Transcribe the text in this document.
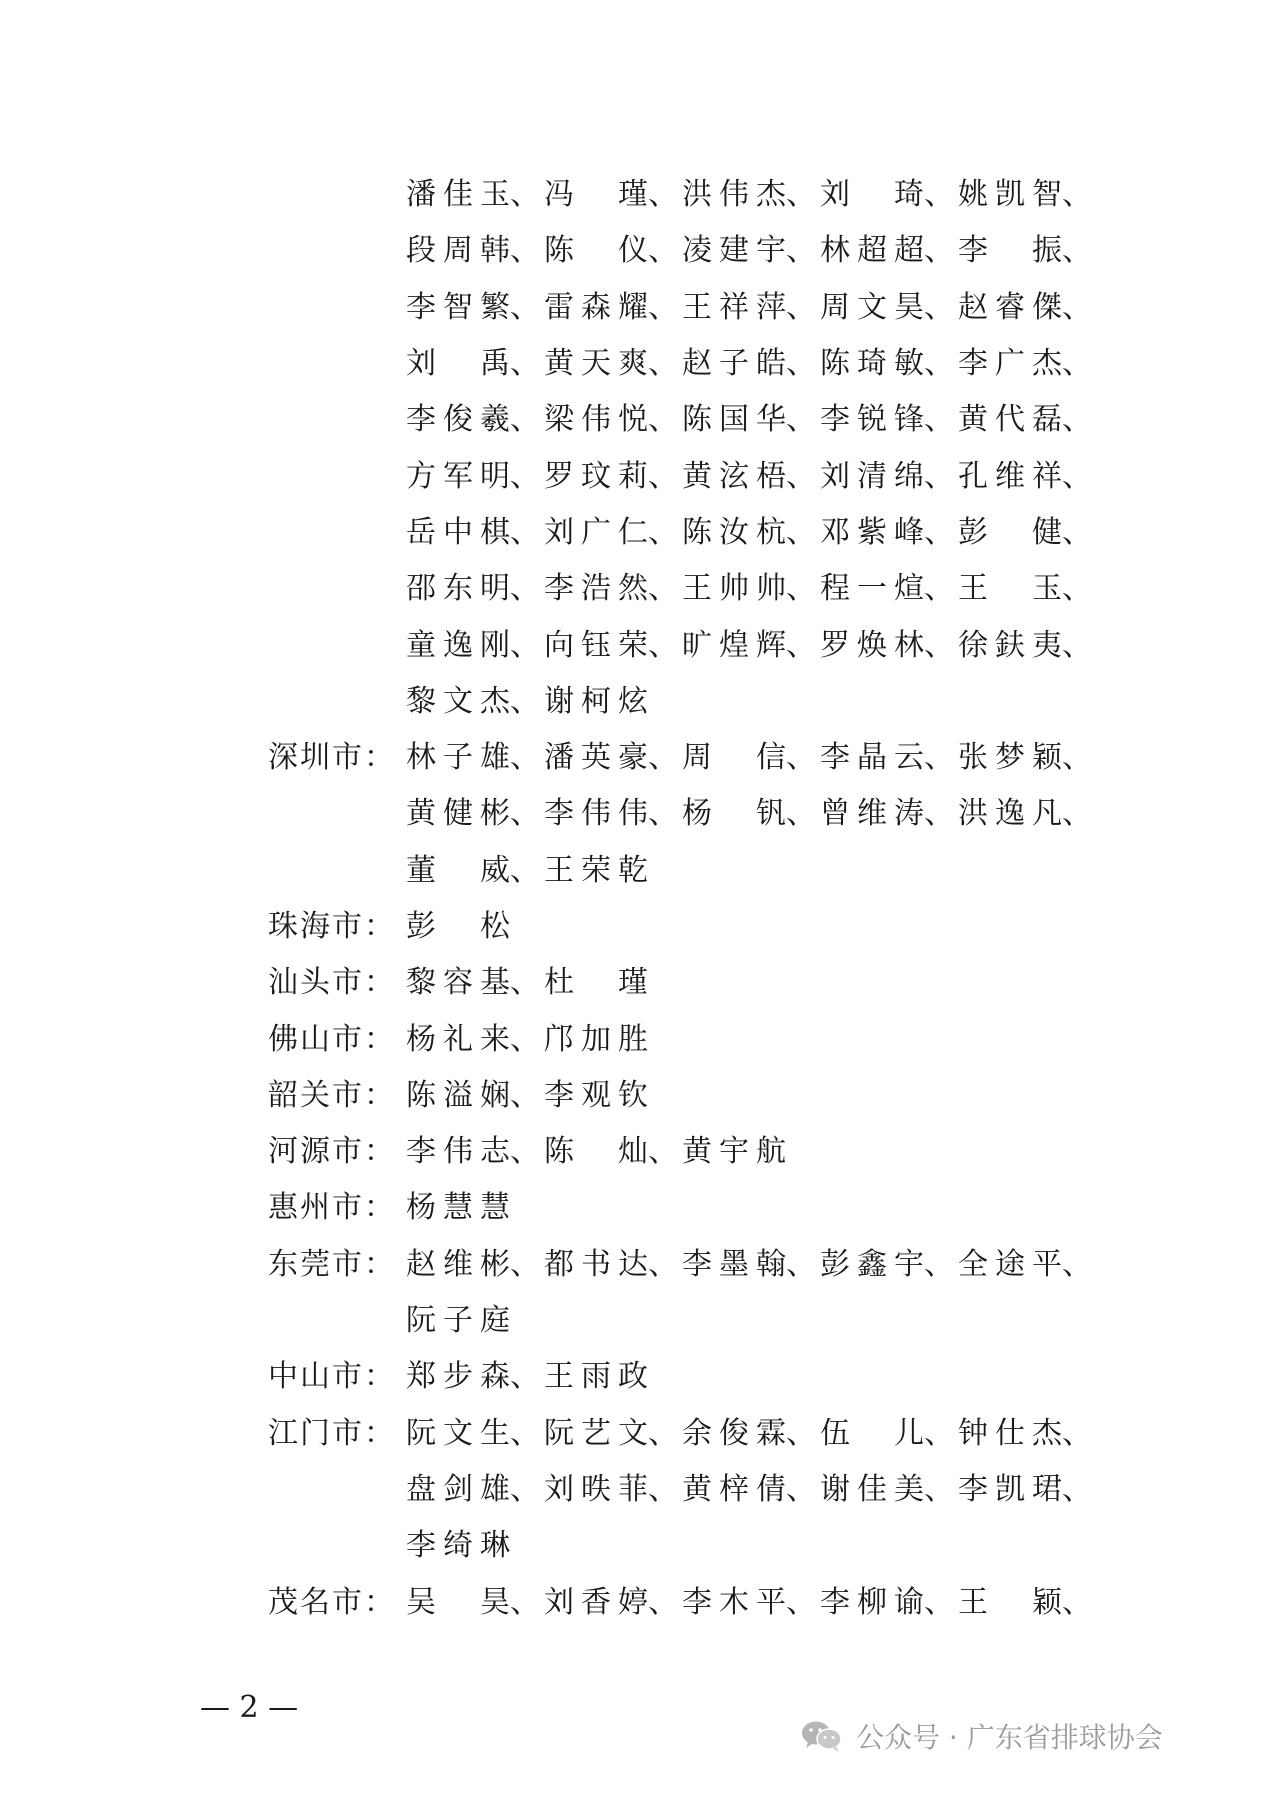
潘佳玉 、 冯　瑾 、 洪伟杰 、 刘　琦 、 姚凯智 、
段周韩 、 陈　仪 、 凌建宇 、 林超超 、 李　振 、
李智繁 、 雷森耀 、 王祥萍 、 周文昊 、 赵睿傑 、
刘　禹 、 黄天爽 、 赵子皓 、 陈琦敏 、 李广杰 、
李俊羲 、 梁伟悦 、 陈国华 、 李锐锋 、 黄代磊 、
方军明 、 罗玟莉 、 黄泫梧 、 刘清绵 、 孔维祥 、
岳中棋 、 刘广仁 、 陈汝杭 、 邓紫峰 、 彭　健 、
邵东明 、 李浩然 、 王帅帅 、 程一煊 、 王　玉 、
童逸刚 、 向钰荣 、 旷煌辉 、 罗焕林 、 徐鈇夷 、
黎文杰 、 谢柯炫
深圳市： 林子雄 、 潘英豪 、 周　信 、 李晶云 、 张梦颖 、
黄健彬 、 李伟伟 、 杨　钒 、 曾维涛 、 洪逸凡 、
董　威 、 王荣乾
珠海市： 彭　松
汕头市： 黎容基 、 杜　瑾
佛山市： 杨礼来 、 邝加胜
韶关市： 陈溢娴 、 李观钦
河源市： 李伟志 、 陈　灿 、 黄宇航
惠州市： 杨慧慧
东莞市： 赵维彬 、 都书达 、 李墨翰 、 彭鑫宇 、 全途平 、
阮子庭
中山市： 郑步森 、 王雨政
江门市： 阮文生 、 阮艺文 、 余俊霖 、 伍　儿 、 钟仕杰 、
盘剑雄 、 刘昳菲 、 黄梓倩 、 谢佳美 、 李凯珺 、
李绮琳
茂名市： 吴　昊 、 刘香婷 、 李木平 、 李柳谕 、 王　颖 、
— 2 —
公众号 · 广东省排球协会
